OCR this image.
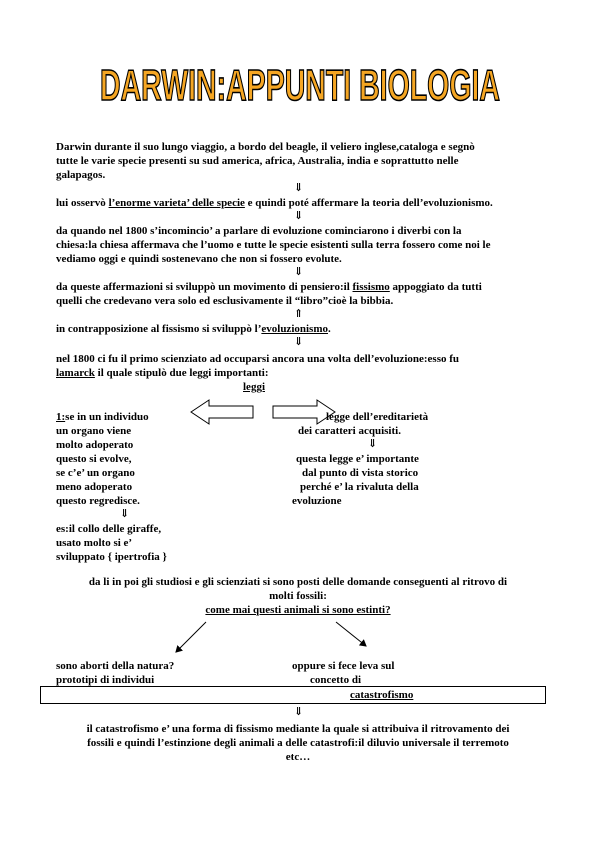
DARWIN:APPUNTI BIOLOGIA
Darwin durante il suo lungo viaggio, a bordo del beagle, il veliero inglese,cataloga e segnò
tutte le varie specie presenti su sud america, africa, Australia, india e soprattutto nelle
galapagos.
⇓
lui osservò l’enorme varieta’ delle specie e quindi poté affermare la teoria dell’evoluzionismo.
⇓
da quando nel 1800 s’incomincio’ a parlare di evoluzione cominciarono i diverbi con la
chiesa:la chiesa affermava che l’uomo e tutte le specie esistenti sulla terra fossero come noi le
vediamo oggi e quindi sostenevano che non si fossero evolute.
⇓
da queste affermazioni si sviluppò un movimento di pensiero:il fissismo appoggiato da tutti
quelli che credevano vera solo ed esclusivamente il “libro”cioè la bibbia.
⇑
in contrapposizione al fissismo si sviluppò l’evoluzionismo.
⇓
nel 1800 ci fu il primo scienziato ad occuparsi ancora una volta dell’evoluzione:esso fu
lamarck il quale stipulò due leggi importanti:
leggi
1:se in un individuo
un organo viene
molto adoperato
questo si evolve,
se c’e’ un organo
meno adoperato
questo regredisce.
⇓
es:il collo delle giraffe,
usato molto si e’
sviluppato { ipertrofia }
legge dell’ereditarietà
dei caratteri acquisiti.
⇓
questa legge e’ importante
dal punto di vista storico
perché e’ la rivaluta della
evoluzione
da li in poi gli studiosi e gli scienziati si sono posti delle domande conseguenti al ritrovo di
molti fossili:
come mai questi animali si sono estinti?
sono aborti della natura?
prototipi di individui
oppure si fece leva sul
concetto di
catastrofismo
⇓
il catastrofismo e’ una forma di fissismo mediante la quale si attribuiva il ritrovamento dei
fossili e quindi l’estinzione degli animali a delle catastrofi:il diluvio universale il terremoto
etc…
